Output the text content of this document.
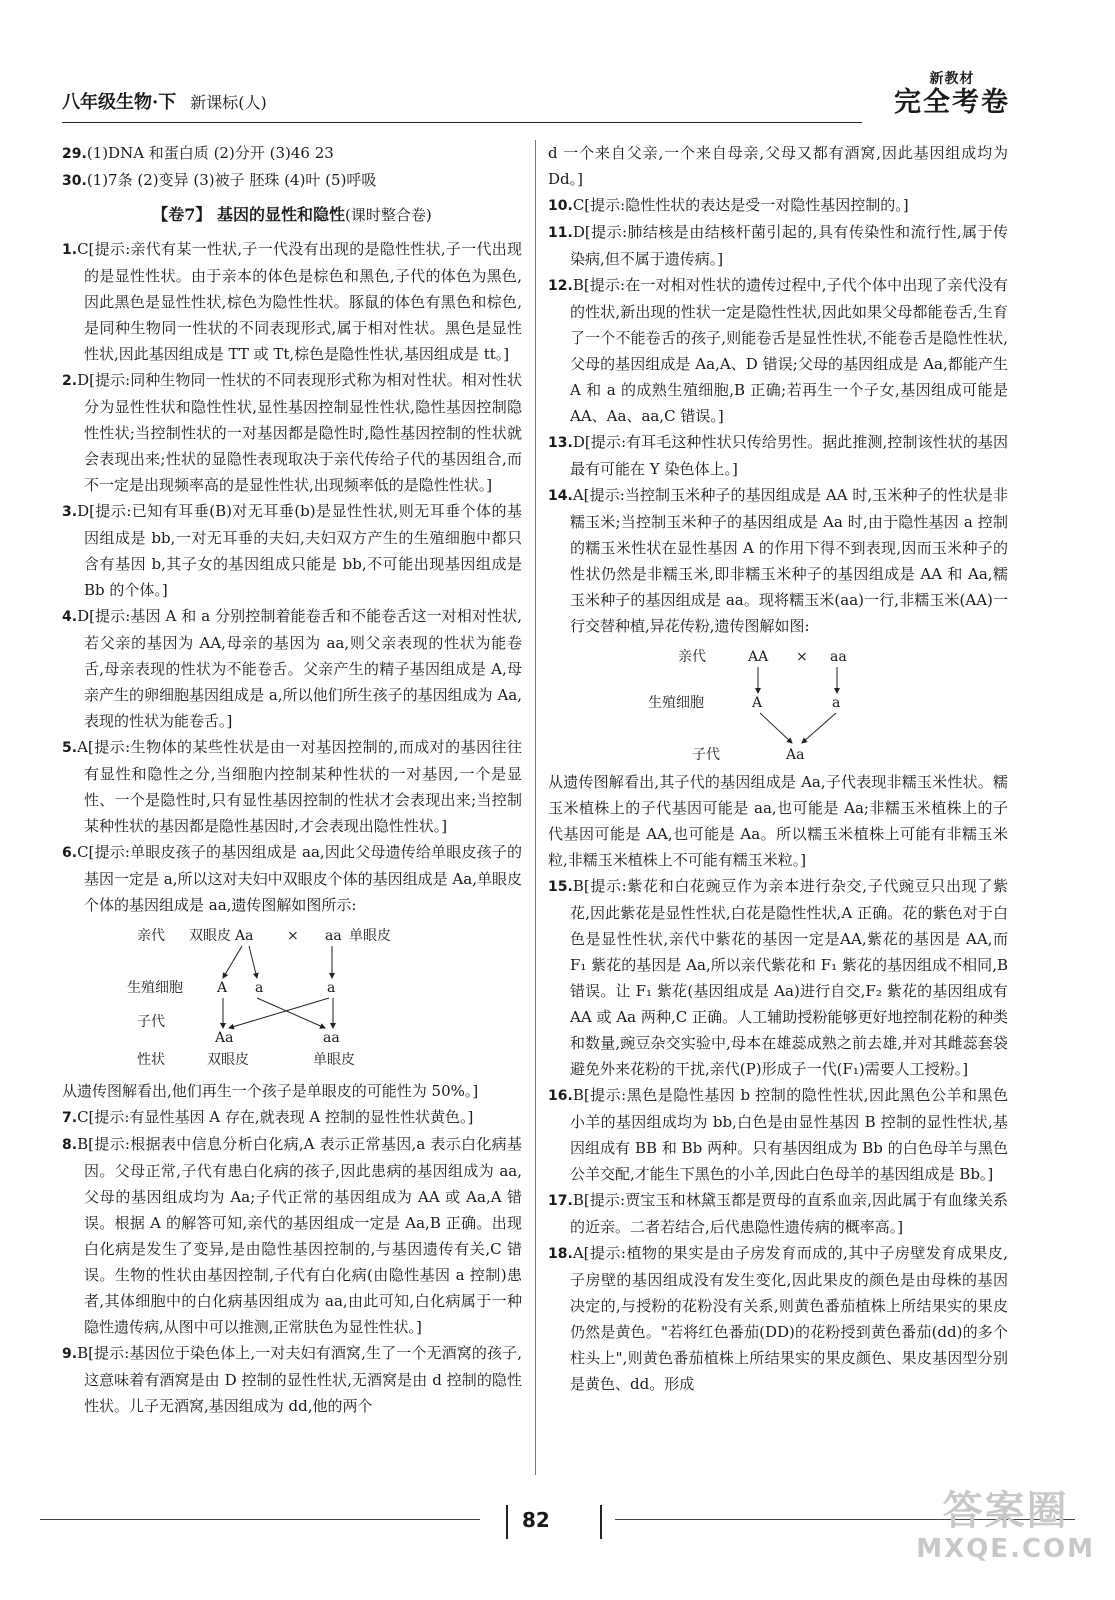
八年级生物·下 新课标(人)
新教材
完全考卷

29.(1)DNA 和蛋白质 (2)分开 (3)46 23

30.(1)7条 (2)变异 (3)被子 胚珠 (4)叶 (5)呼吸

【卷7】 基因的显性和隐性(课时整合卷)

1.C[提示:亲代有某一性状,子一代没有出现的是隐性性状,子一代出现的是显性性状。由于亲本的体色是棕色和黑色,子代的体色为黑色,因此黑色是显性性状,棕色为隐性性状。豚鼠的体色有黑色和棕色,是同种生物同一性状的不同表现形式,属于相对性状。黑色是显性性状,因此基因组成是 TT 或 Tt,棕色是隐性性状,基因组成是 tt。]

2.D[提示:同种生物同一性状的不同表现形式称为相对性状。相对性状分为显性性状和隐性性状,显性基因控制显性性状,隐性基因控制隐性性状;当控制性状的一对基因都是隐性时,隐性基因控制的性状就会表现出来;性状的显隐性表现取决于亲代传给子代的基因组合,而不一定是出现频率高的是显性性状,出现频率低的是隐性性状。]

3.D[提示:已知有耳垂(B)对无耳垂(b)是显性性状,则无耳垂个体的基因组成是 bb,一对无耳垂的夫妇,夫妇双方产生的生殖细胞中都只含有基因 b,其子女的基因组成只能是 bb,不可能出现基因组成是 Bb 的个体。]

4.D[提示:基因 A 和 a 分别控制着能卷舌和不能卷舌这一对相对性状,若父亲的基因为 AA,母亲的基因为 aa,则父亲表现的性状为能卷舌,母亲表现的性状为不能卷舌。父亲产生的精子基因组成是 A,母亲产生的卵细胞基因组成是 a,所以他们所生孩子的基因组成为 Aa,表现的性状为能卷舌。]

5.A[提示:生物体的某些性状是由一对基因控制的,而成对的基因往往有显性和隐性之分,当细胞内控制某种性状的一对基因,一个是显性、一个是隐性时,只有显性基因控制的性状才会表现出来;当控制某种性状的基因都是隐性基因时,才会表现出隐性性状。]

6.C[提示:单眼皮孩子的基因组成是 aa,因此父母遗传给单眼皮孩子的基因一定是 a,所以这对夫妇中双眼皮个体的基因组成是 Aa,单眼皮个体的基因组成是 aa,遗传图解如图所示:

亲代 双眼皮 Aa × aa 单眼皮
生殖细胞 A a	a
子代
Aa	aa
性状	双眼皮	单眼皮

从遗传图解看出,他们再生一个孩子是单眼皮的可能性为 50%。]

7.C[提示:有显性基因 A 存在,就表现 A 控制的显性性状黄色。]

8.B[提示:根据表中信息分析白化病,A 表示正常基因,a 表示白化病基因。父母正常,子代有患白化病的孩子,因此患病的基因组成为 aa,父母的基因组成均为 Aa;子代正常的基因组成为 AA 或 Aa,A 错误。根据 A 的解答可知,亲代的基因组成一定是 Aa,B 正确。出现白化病是发生了变异,是由隐性基因控制的,与基因遗传有关,C 错误。生物的性状由基因控制,子代有白化病(由隐性基因 a 控制)患者,其体细胞中的白化病基因组成为 aa,由此可知,白化病属于一种隐性遗传病,从图中可以推测,正常肤色为显性性状。]

9.B[提示:基因位于染色体上,一对夫妇有酒窝,生了一个无酒窝的孩子,这意味着有酒窝是由 D 控制的显性性状,无酒窝是由 d 控制的隐性性状。儿子无酒窝,基因组成为 dd,他的两个

d 一个来自父亲,一个来自母亲,父母又都有酒窝,因此基因组成均为 Dd。]

10.C[提示:隐性性状的表达是受一对隐性基因控制的。]

11.D[提示:肺结核是由结核杆菌引起的,具有传染性和流行性,属于传染病,但不属于遗传病。]

12.B[提示:在一对相对性状的遗传过程中,子代个体中出现了亲代没有的性状,新出现的性状一定是隐性性状,因此如果父母都能卷舌,生育了一个不能卷舌的孩子,则能卷舌是显性性状,不能卷舌是隐性性状,父母的基因组成是 Aa,A、D 错误;父母的基因组成是 Aa,都能产生 A 和 a 的成熟生殖细胞,B 正确;若再生一个子女,基因组成可能是 AA、Aa、aa,C 错误。]

13.D[提示:有耳毛这种性状只传给男性。据此推测,控制该性状的基因最有可能在 Y 染色体上。]

14.A[提示:当控制玉米种子的基因组成是 AA 时,玉米种子的性状是非糯玉米;当控制玉米种子的基因组成是 Aa 时,由于隐性基因 a 控制的糯玉米性状在显性基因 A 的作用下得不到表现,因而玉米种子的性状仍然是非糯玉米,即非糯玉米种子的基因组成是 AA 和 Aa,糯玉米种子的基因组成是 aa。现将糯玉米(aa)一行,非糯玉米(AA)一行交替种植,异花传粉,遗传图解如图:

亲代	AA × aa
生殖细胞	A	a
子代	Aa

从遗传图解看出,其子代的基因组成是 Aa,子代表现非糯玉米性状。糯玉米植株上的子代基因可能是 aa,也可能是 Aa;非糯玉米植株上的子代基因可能是 AA,也可能是 Aa。所以糯玉米植株上可能有非糯玉米粒,非糯玉米植株上不可能有糯玉米粒。]

15.B[提示:紫花和白花豌豆作为亲本进行杂交,子代豌豆只出现了紫花,因此紫花是显性性状,白花是隐性性状,A 正确。花的紫色对于白色是显性性状,亲代中紫花的基因一定是AA,紫花的基因是 AA,而 F₁ 紫花的基因是 Aa,所以亲代紫花和 F₁ 紫花的基因组成不相同,B 错误。让 F₁ 紫花(基因组成是 Aa)进行自交,F₂ 紫花的基因组成有 AA 或 Aa 两种,C 正确。人工辅助授粉能够更好地控制花粉的种类和数量,豌豆杂交实验中,母本在雄蕊成熟之前去雄,并对其雌蕊套袋避免外来花粉的干扰,亲代(P)形成子一代(F₁)需要人工授粉。]

16.B[提示:黑色是隐性基因 b 控制的隐性性状,因此黑色公羊和黑色小羊的基因组成均为 bb,白色是由显性基因 B 控制的显性性状,基因组成有 BB 和 Bb 两种。只有基因组成为 Bb 的白色母羊与黑色公羊交配,才能生下黑色的小羊,因此白色母羊的基因组成是 Bb。]

17.B[提示:贾宝玉和林黛玉都是贾母的直系血亲,因此属于有血缘关系的近亲。二者若结合,后代患隐性遗传病的概率高。]

18.A[提示:植物的果实是由子房发育而成的,其中子房壁发育成果皮,子房壁的基因组成没有发生变化,因此果皮的颜色是由母株的基因决定的,与授粉的花粉没有关系,则黄色番茄植株上所结果实的果皮仍然是黄色。"若将红色番茄(DD)的花粉授到黄色番茄(dd)的多个柱头上",则黄色番茄植株上所结果实的果皮颜色、果皮基因型分别是黄色、dd。形成

82	答案圈
MXQE.COM
